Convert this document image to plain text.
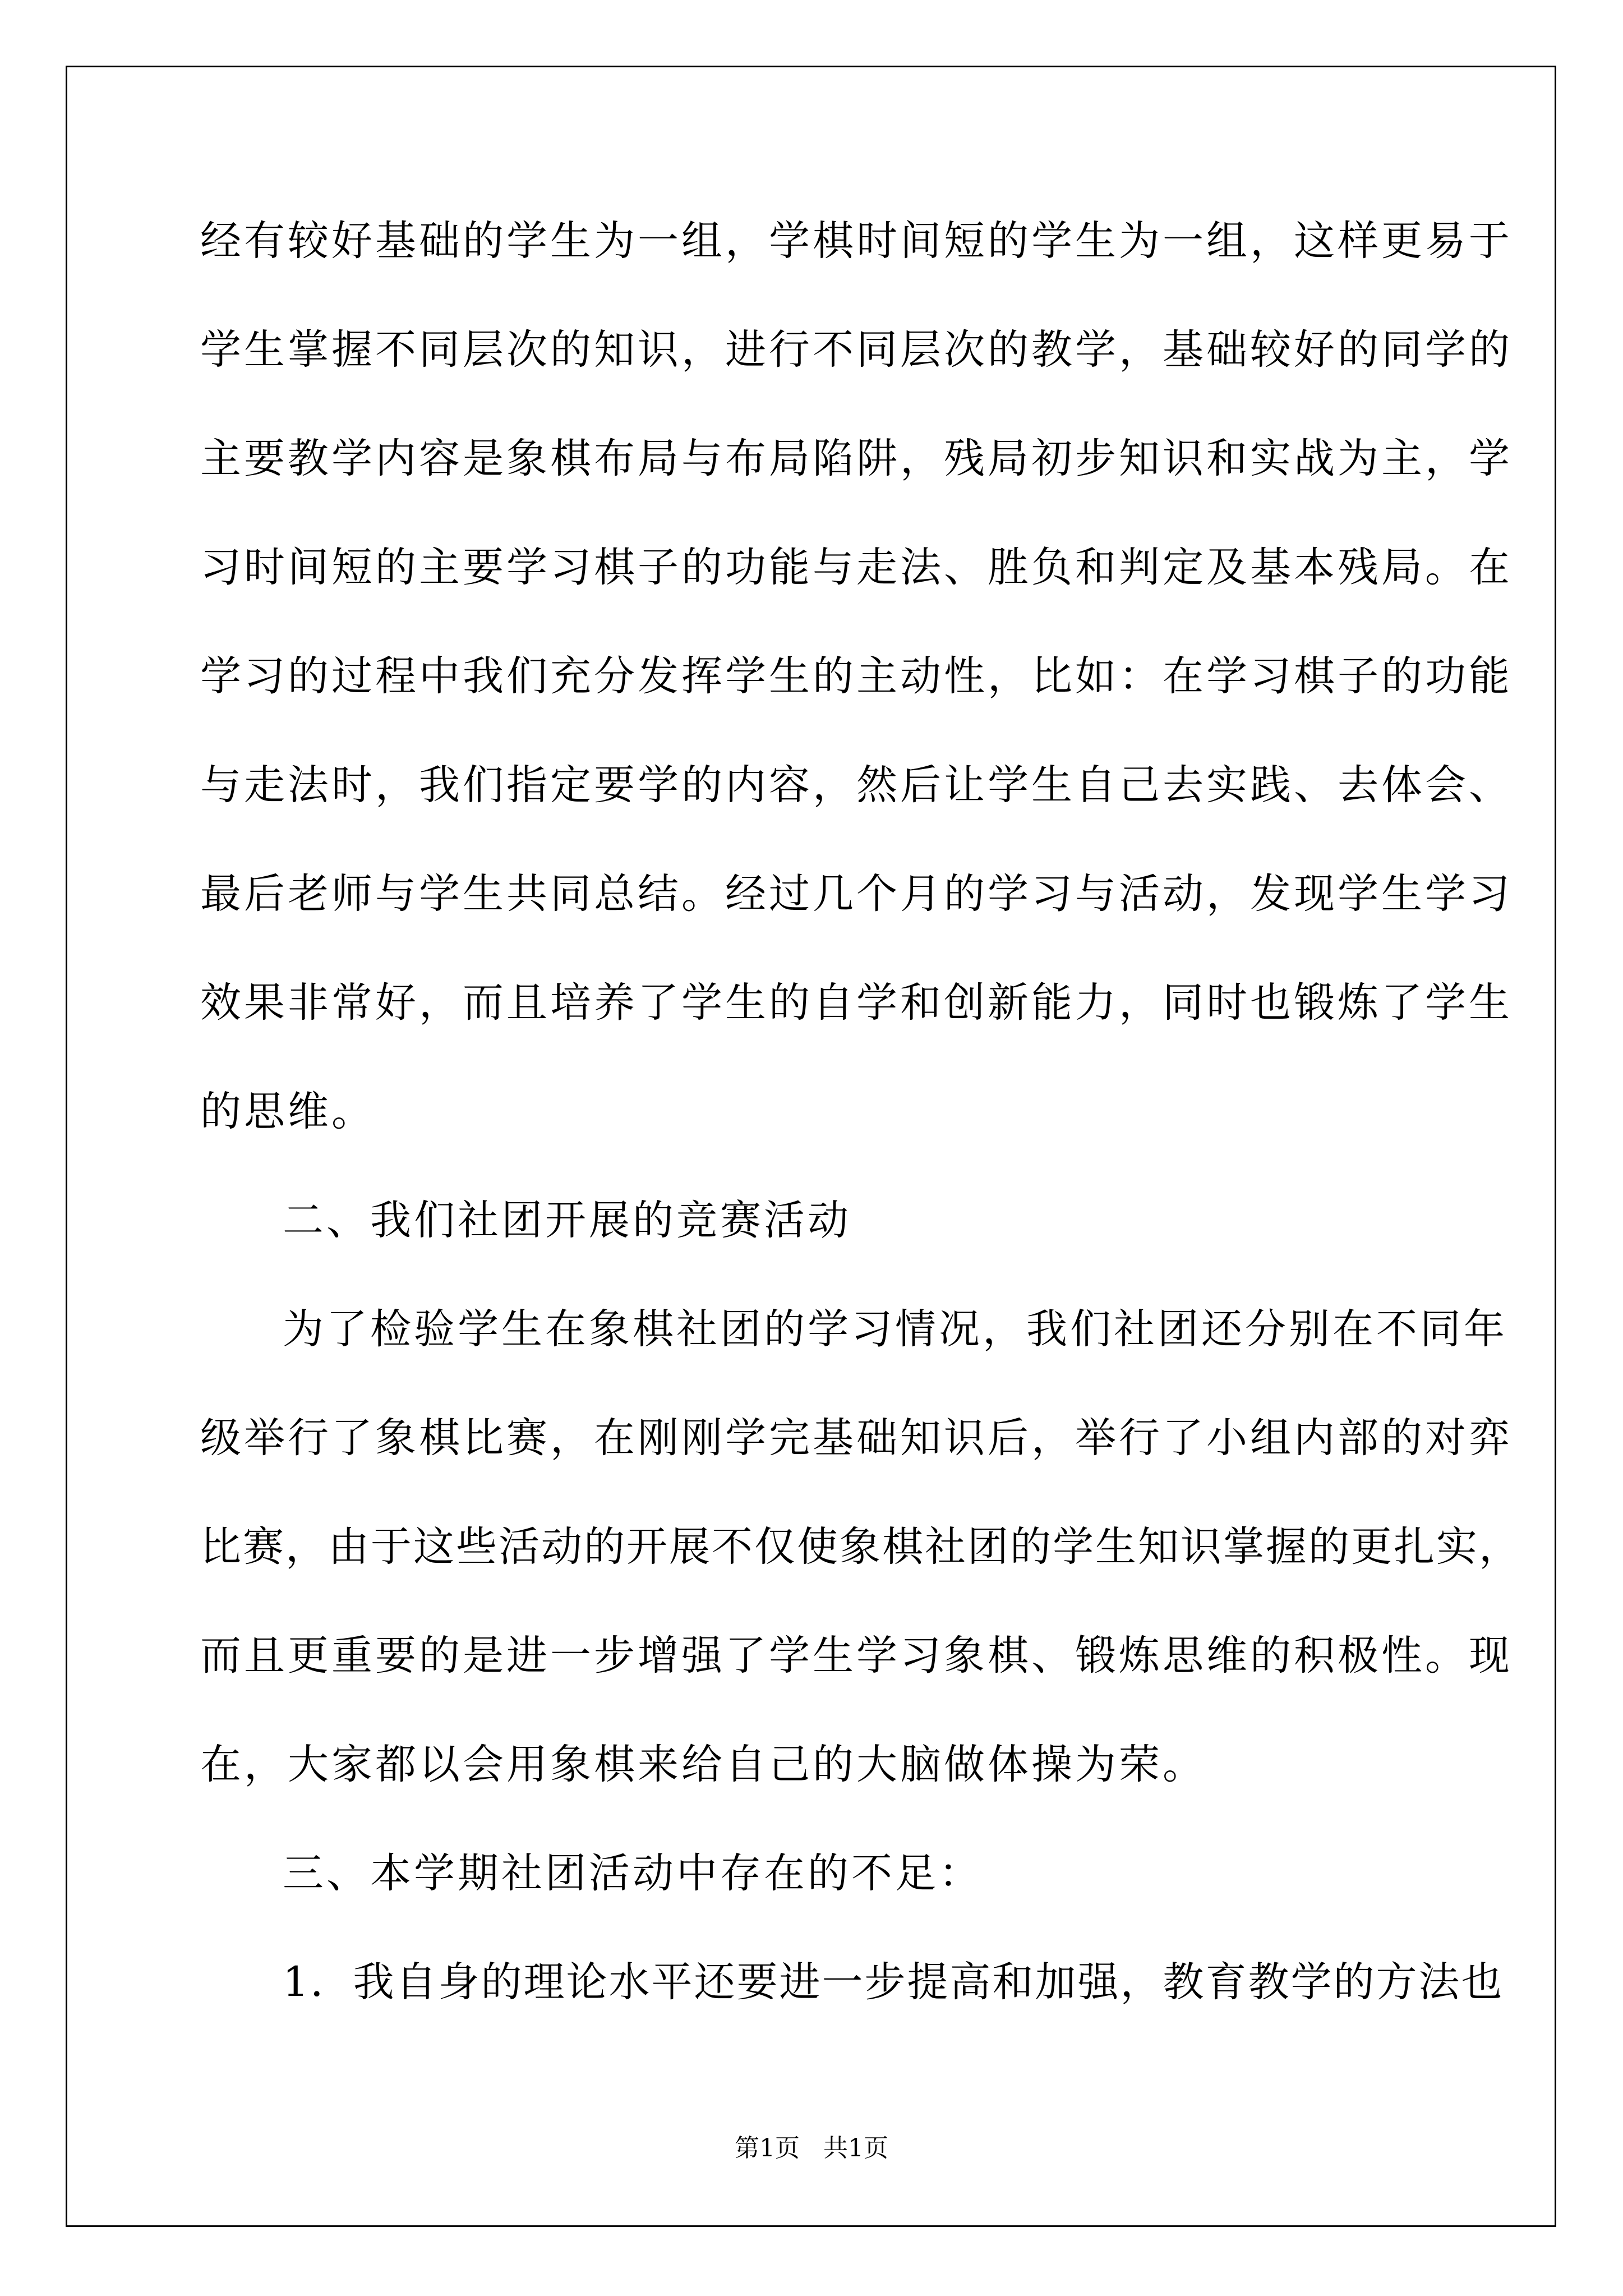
经有较好基础的学生为一组，学棋时间短的学生为一组，这样更易于
学生掌握不同层次的知识，进行不同层次的教学，基础较好的同学的
主要教学内容是象棋布局与布局陷阱，残局初步知识和实战为主，学
习时间短的主要学习棋子的功能与走法、胜负和判定及基本残局。在
学习的过程中我们充分发挥学生的主动性，比如：在学习棋子的功能
与走法时，我们指定要学的内容，然后让学生自己去实践、去体会、
最后老师与学生共同总结。经过几个月的学习与活动，发现学生学习
效果非常好，而且培养了学生的自学和创新能力，同时也锻炼了学生
的思维。
二、我们社团开展的竞赛活动
为了检验学生在象棋社团的学习情况，我们社团还分别在不同年
级举行了象棋比赛，在刚刚学完基础知识后，举行了小组内部的对弈
比赛，由于这些活动的开展不仅使象棋社团的学生知识掌握的更扎实，
而且更重要的是进一步增强了学生学习象棋、锻炼思维的积极性。现
在，大家都以会用象棋来给自己的大脑做体操为荣。
三、本学期社团活动中存在的不足：
1．我自身的理论水平还要进一步提高和加强，教育教学的方法也
第1页   共1页
